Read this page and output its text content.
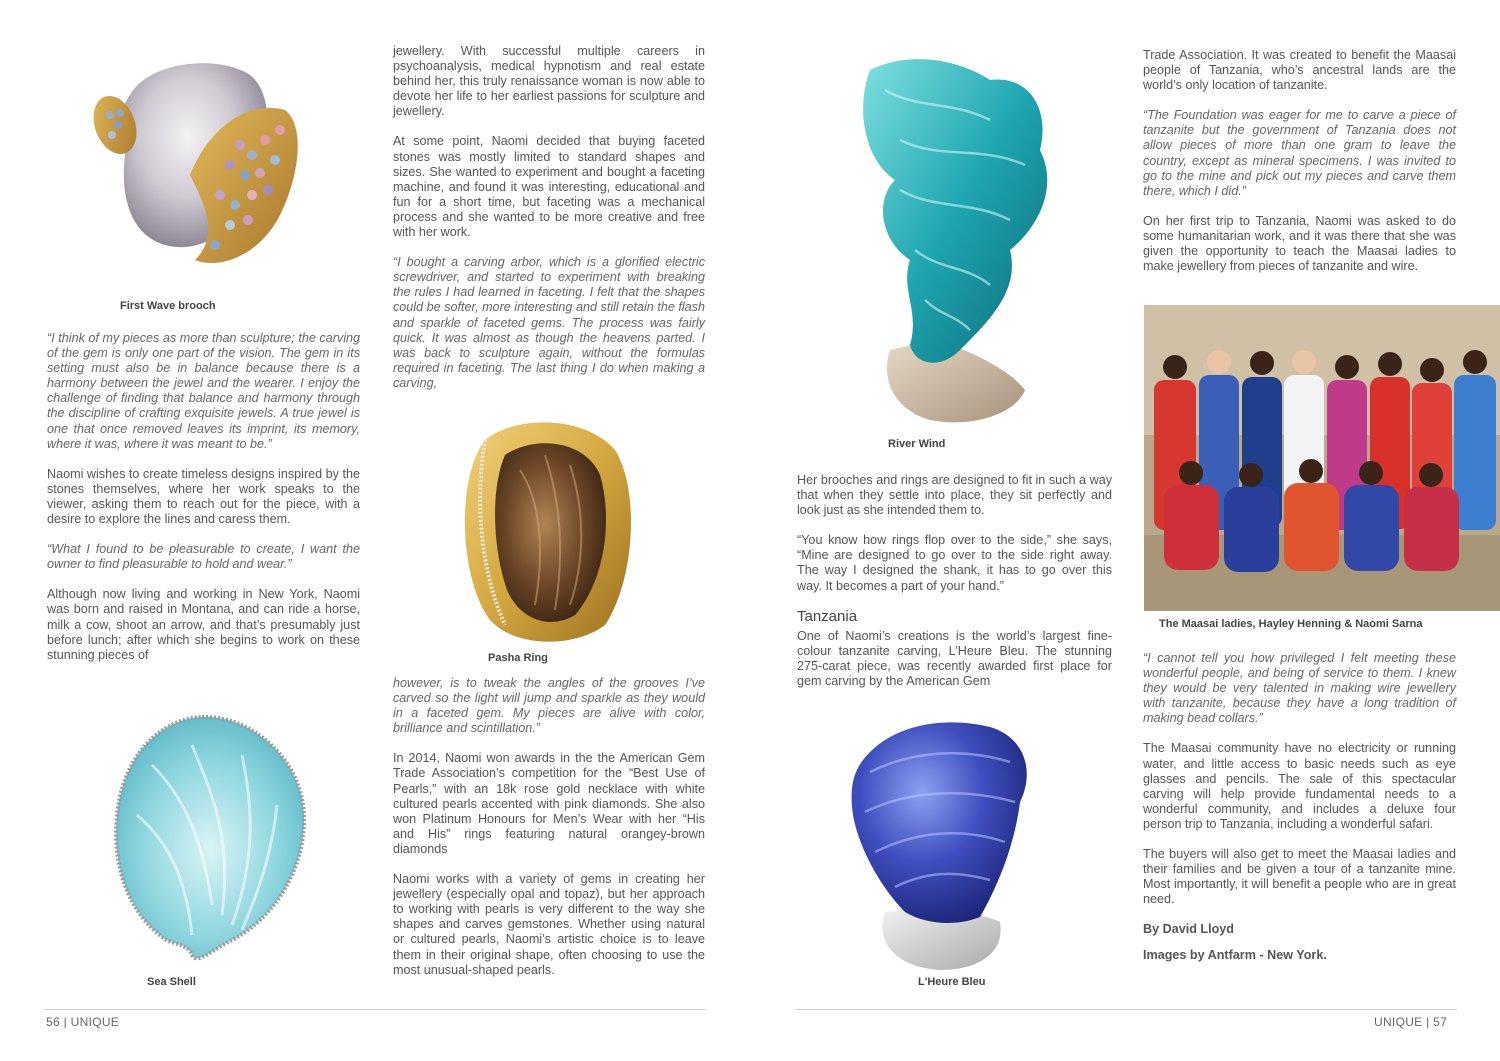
First Wave brooch

“I think of my pieces as more than sculpture; the carving of the gem is only one part of the vision. The gem in its setting must also be in balance because there is a harmony between the jewel and the wearer. I enjoy the challenge of finding that balance and harmony through the discipline of crafting exquisite jewels. A true jewel is one that once removed leaves its imprint, its memory, where it was, where it was meant to be.”

Naomi wishes to create timeless designs inspired by the stones themselves, where her work speaks to the viewer, asking them to reach out for the piece, with a desire to explore the lines and caress them.

“What I found to be pleasurable to create, I want the owner to find pleasurable to hold and wear.”

Although now living and working in New York, Naomi was born and raised in Montana, and can ride a horse, milk a cow, shoot an arrow, and that’s presumably just before lunch; after which she begins to work on these stunning pieces of

Sea Shell

jewellery. With successful multiple careers in psychoanalysis, medical hypnotism and real estate behind her, this truly renaissance woman is now able to devote her life to her earliest passions for sculpture and jewellery.

At some point, Naomi decided that buying faceted stones was mostly limited to standard shapes and sizes. She wanted to experiment and bought a faceting machine, and found it was interesting, educational and fun for a short time, but faceting was a mechanical process and she wanted to be more creative and free with her work.

“I bought a carving arbor, which is a glorified electric screwdriver, and started to experiment with breaking the rules I had learned in faceting. I felt that the shapes could be softer, more interesting and still retain the flash and sparkle of faceted gems. The process was fairly quick. It was almost as though the heavens parted. I was back to sculpture again, without the formulas required in faceting. The last thing I do when making a carving,

Pasha Ring

however, is to tweak the angles of the grooves I’ve carved so the light will jump and sparkle as they would in a faceted gem. My pieces are alive with color, brilliance and scintillation.”

In 2014, Naomi won awards in the the American Gem Trade Association’s competition for the “Best Use of Pearls,” with an 18k rose gold necklace with white cultured pearls accented with pink diamonds. She also won Platinum Honours for Men’s Wear with her “His and His” rings featuring natural orangey-brown diamonds

Naomi works with a variety of gems in creating her jewellery (especially opal and topaz), but her approach to working with pearls is very different to the way she shapes and carves gemstones. Whether using natural or cultured pearls, Naomi’s artistic choice is to leave them in their original shape, often choosing to use the most unusual-shaped pearls.

56 | UNIQUE
River Wind

Her brooches and rings are designed to fit in such a way that when they settle into place, they sit perfectly and look just as she intended them to.

“You know how rings flop over to the side,” she says, “Mine are designed to go over to the side right away. The way I designed the shank, it has to go over this way. It becomes a part of your hand.”

Tanzania

One of Naomi’s creations is the world’s largest fine-colour tanzanite carving, L’Heure Bleu. The stunning 275-carat piece, was recently awarded first place for gem carving by the American Gem

L'Heure Bleu

Trade Association. It was created to benefit the Maasai people of Tanzania, who’s ancestral lands are the world’s only location of tanzanite.

“The Foundation was eager for me to carve a piece of tanzanite but the government of Tanzania does not allow pieces of more than one gram to leave the country, except as mineral specimens. I was invited to go to the mine and pick out my pieces and carve them there, which I did.”

On her first trip to Tanzania, Naomi was asked to do some humanitarian work, and it was there that she was given the opportunity to teach the Maasai ladies to make jewellery from pieces of tanzanite and wire.

The Maasai ladies, Hayley Henning & Naomi Sarna

“I cannot tell you how privileged I felt meeting these wonderful people, and being of service to them. I knew they would be very talented in making wire jewellery with tanzanite, because they have a long tradition of making bead collars.”

The Maasai community have no electricity or running water, and little access to basic needs such as eye glasses and pencils. The sale of this spectacular carving will help provide fundamental needs to a wonderful community, and includes a deluxe four person trip to Tanzania, including a wonderful safari.

The buyers will also get to meet the Maasai ladies and their families and be given a tour of a tanzanite mine. Most importantly, it will benefit a people who are in great need.

By David Lloyd

Images by Antfarm - New York.

UNIQUE | 57
